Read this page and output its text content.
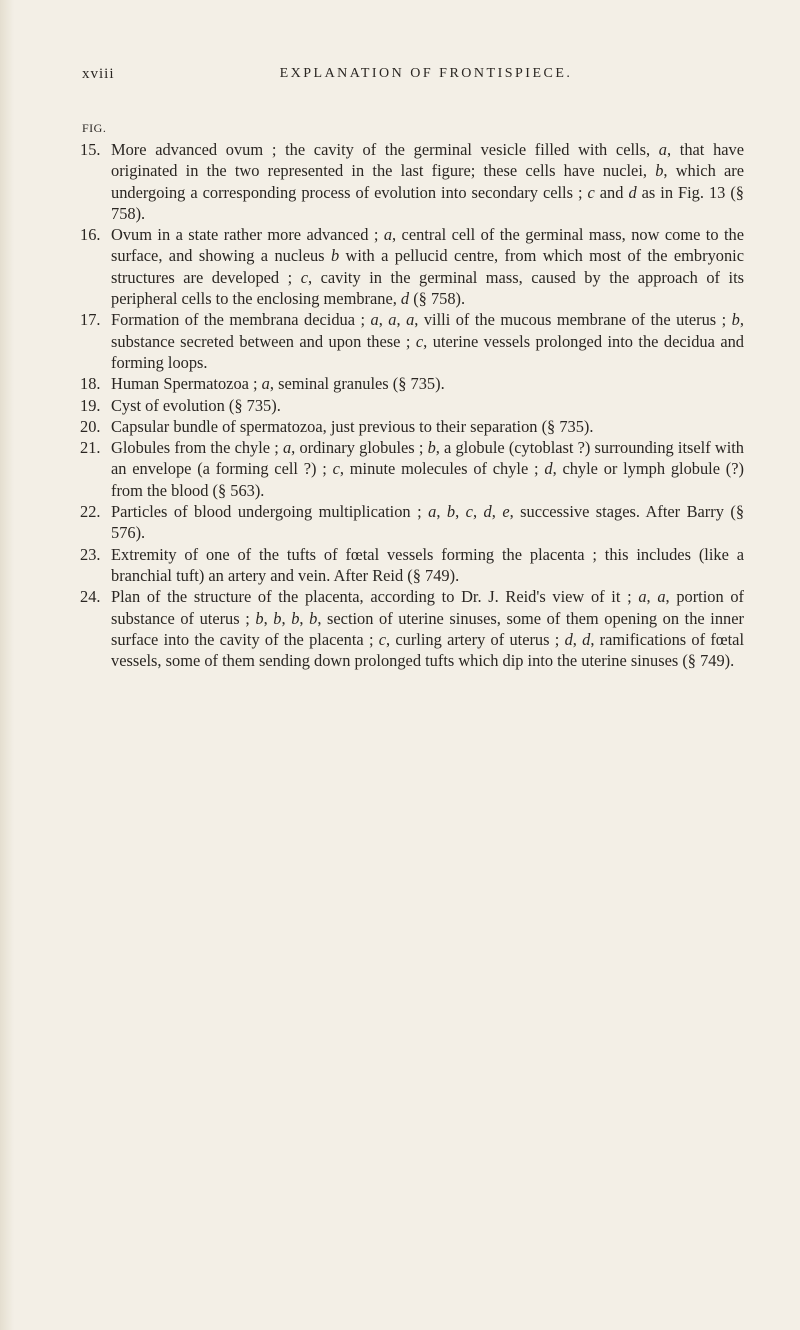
xviii	EXPLANATION OF FRONTISPIECE.
FIG.
15. More advanced ovum ; the cavity of the germinal vesicle filled with cells, a, that have originated in the two represented in the last figure; these cells have nuclei, b, which are undergoing a corresponding process of evolution into secondary cells ; c and d as in Fig. 13 (§ 758).
16. Ovum in a state rather more advanced ; a, central cell of the germinal mass, now come to the surface, and showing a nucleus b with a pellucid centre, from which most of the embryonic structures are developed ; c, cavity in the germinal mass, caused by the approach of its peripheral cells to the enclosing membrane, d (§ 758).
17. Formation of the membrana decidua ; a, a, a, villi of the mucous membrane of the uterus ; b, substance secreted between and upon these ; c, uterine vessels prolonged into the decidua and forming loops.
18. Human Spermatozoa ; a, seminal granules (§ 735).
19. Cyst of evolution (§ 735).
20. Capsular bundle of spermatozoa, just previous to their separation (§ 735).
21. Globules from the chyle ; a, ordinary globules ; b, a globule (cytoblast ?) surrounding itself with an envelope (a forming cell ?) ; c, minute molecules of chyle ; d, chyle or lymph globule (?) from the blood (§ 563).
22. Particles of blood undergoing multiplication ; a, b, c, d, e, successive stages. After Barry (§ 576).
23. Extremity of one of the tufts of fœtal vessels forming the placenta ; this includes (like a branchial tuft) an artery and vein. After Reid (§ 749).
24. Plan of the structure of the placenta, according to Dr. J. Reid's view of it ; a, a, portion of substance of uterus ; b, b, b, b, section of uterine sinuses, some of them opening on the inner surface into the cavity of the placenta ; c, curling artery of uterus ; d, d, ramifications of fœtal vessels, some of them sending down prolonged tufts which dip into the uterine sinuses (§ 749).
